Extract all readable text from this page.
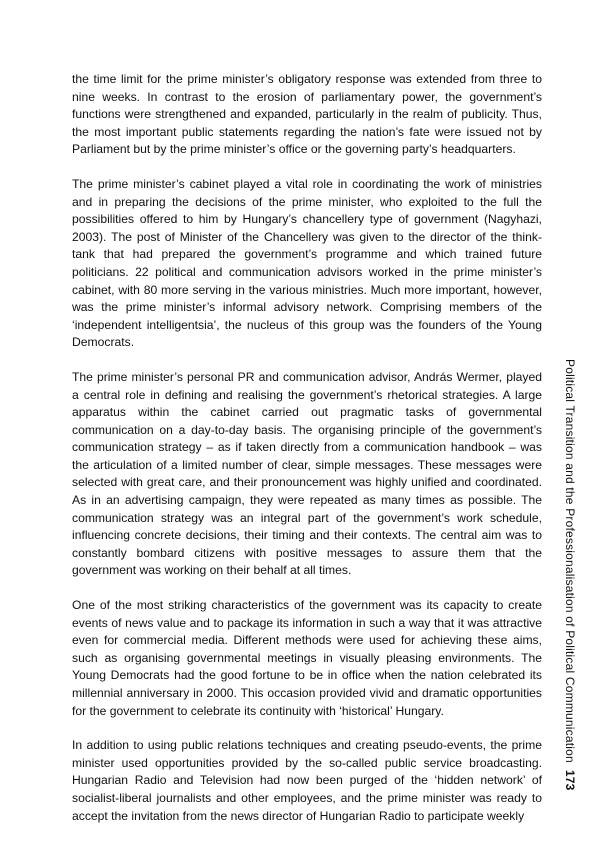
the time limit for the prime minister’s obligatory response was extended from three to nine weeks. In contrast to the erosion of parliamentary power, the government’s functions were strengthened and expanded, particularly in the realm of publicity. Thus, the most important public statements regarding the nation’s fate were issued not by Parliament but by the prime minister’s office or the governing party’s headquarters.

The prime minister’s cabinet played a vital role in coordinating the work of ministries and in preparing the decisions of the prime minister, who exploited to the full the possibilities offered to him by Hungary’s chancellery type of government (Nagyhazi, 2003). The post of Minister of the Chancellery was given to the director of the think-tank that had prepared the government’s programme and which trained future politicians. 22 political and communication advisors worked in the prime minister’s cabinet, with 80 more serving in the various ministries. Much more important, however, was the prime minister’s informal advisory network. Comprising members of the ‘independent intelligentsia’, the nucleus of this group was the founders of the Young Democrats.

The prime minister’s personal PR and communication advisor, András Wermer, played a central role in defining and realising the government’s rhetorical strategies. A large apparatus within the cabinet carried out pragmatic tasks of governmental communication on a day-to-day basis. The organising principle of the government’s communication strategy – as if taken directly from a communication handbook – was the articulation of a limited number of clear, simple messages. These messages were selected with great care, and their pronouncement was highly unified and coordinated. As in an advertising campaign, they were repeated as many times as possible. The communication strategy was an integral part of the government’s work schedule, influencing concrete decisions, their timing and their contexts. The central aim was to constantly bombard citizens with positive messages to assure them that the government was working on their behalf at all times.

One of the most striking characteristics of the government was its capacity to create events of news value and to package its information in such a way that it was attractive even for commercial media. Different methods were used for achieving these aims, such as organising governmental meetings in visually pleasing environments. The Young Democrats had the good fortune to be in office when the nation celebrated its millennial anniversary in 2000. This occasion provided vivid and dramatic opportunities for the government to celebrate its continuity with ‘historical’ Hungary.

In addition to using public relations techniques and creating pseudo-events, the prime minister used opportunities provided by the so-called public service broadcasting. Hungarian Radio and Television had now been purged of the ‘hidden network’ of socialist-liberal journalists and other employees, and the prime minister was ready to accept the invitation from the news director of Hungarian Radio to participate weekly

Political Transition and the Professionalisation of Political Communication
173
